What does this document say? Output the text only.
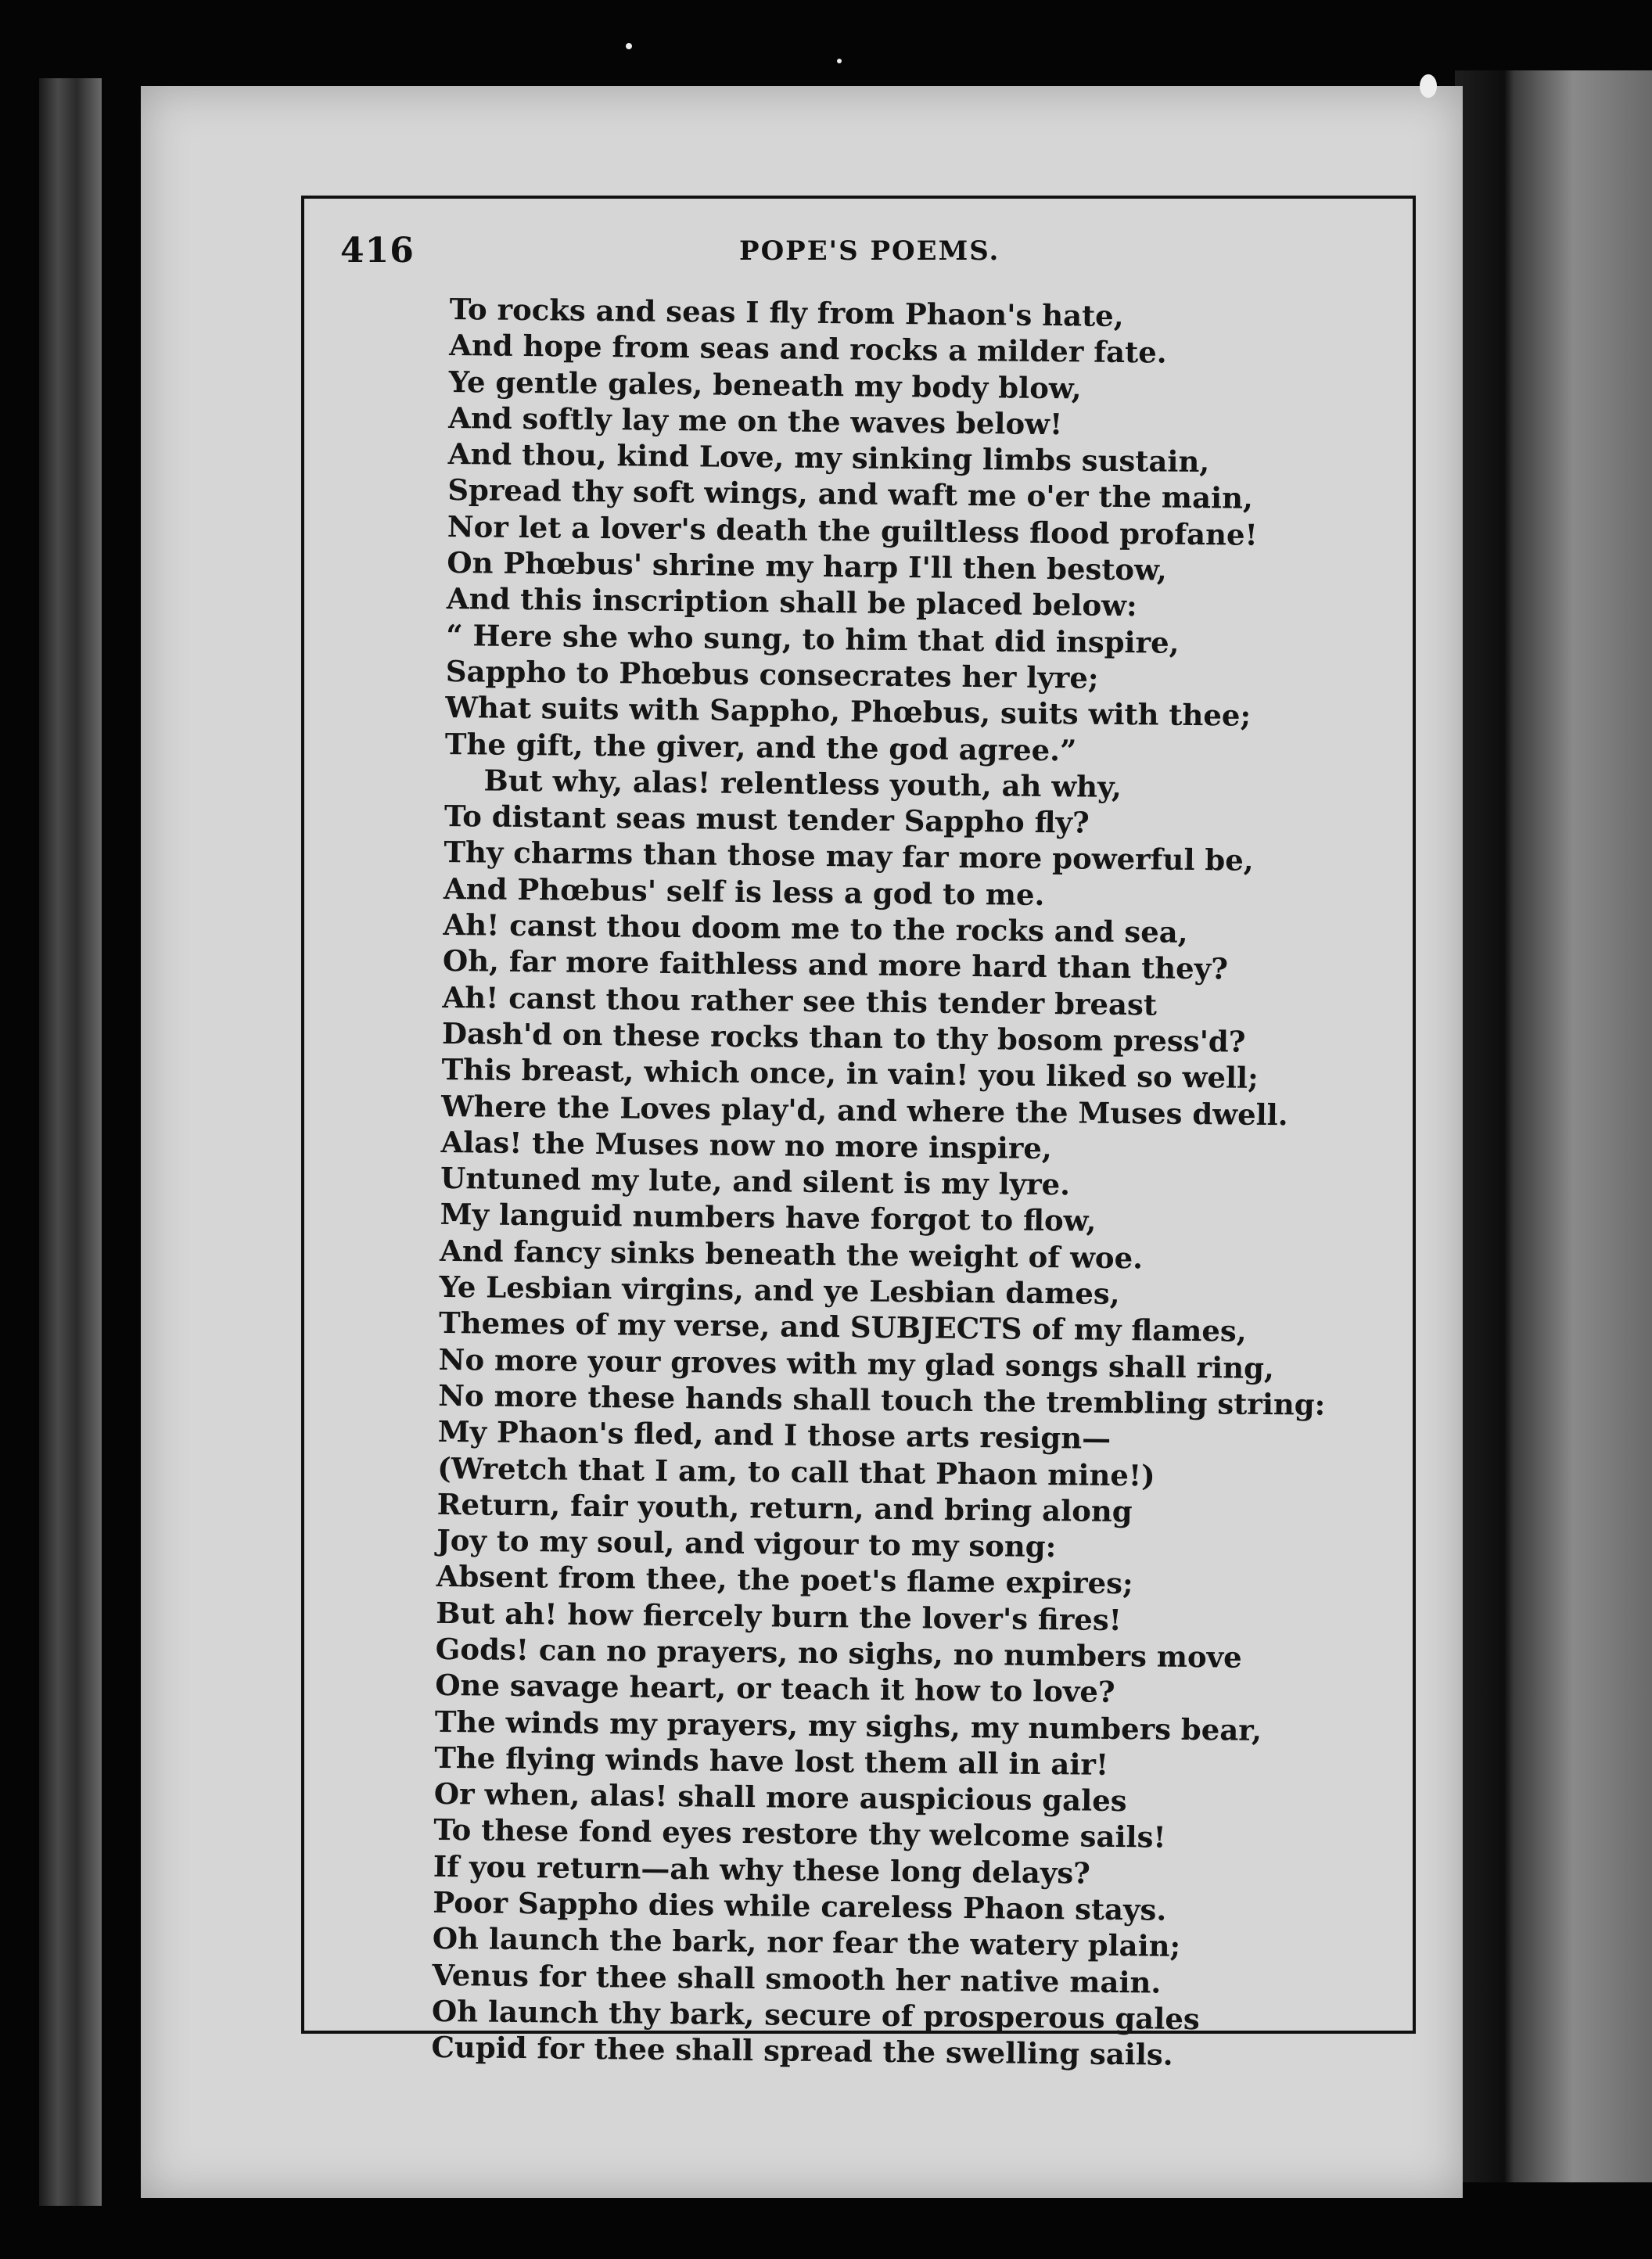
416	POPE'S POEMS.
To rocks and seas I fly from Phaon's hate,
And hope from seas and rocks a milder fate.
Ye gentle gales, beneath my body blow,
And softly lay me on the waves below!
And thou, kind Love, my sinking limbs sustain,
Spread thy soft wings, and waft me o'er the main,
Nor let a lover's death the guiltless flood profane!
On Phœbus' shrine my harp I'll then bestow,
And this inscription shall be placed below:
“ Here she who sung, to him that did inspire,
Sappho to Phœbus consecrates her lyre;
What suits with Sappho, Phœbus, suits with thee;
The gift, the giver, and the god agree.”
But why, alas! relentless youth, ah why,
To distant seas must tender Sappho fly?
Thy charms than those may far more powerful be,
And Phœbus' self is less a god to me.
Ah! canst thou doom me to the rocks and sea,
Oh, far more faithless and more hard than they?
Ah! canst thou rather see this tender breast
Dash'd on these rocks than to thy bosom press'd?
This breast, which once, in vain! you liked so well;
Where the Loves play'd, and where the Muses dwell.
Alas! the Muses now no more inspire,
Untuned my lute, and silent is my lyre.
My languid numbers have forgot to flow,
And fancy sinks beneath the weight of woe.
Ye Lesbian virgins, and ye Lesbian dames,
Themes of my verse, and SUBJECTS of my flames,
No more your groves with my glad songs shall ring,
No more these hands shall touch the trembling string:
My Phaon's fled, and I those arts resign—
(Wretch that I am, to call that Phaon mine!)
Return, fair youth, return, and bring along
Joy to my soul, and vigour to my song:
Absent from thee, the poet's flame expires;
But ah! how fiercely burn the lover's fires!
Gods! can no prayers, no sighs, no numbers move
One savage heart, or teach it how to love?
The winds my prayers, my sighs, my numbers bear,
The flying winds have lost them all in air!
Or when, alas! shall more auspicious gales
To these fond eyes restore thy welcome sails!
If you return—ah why these long delays?
Poor Sappho dies while careless Phaon stays.
Oh launch the bark, nor fear the watery plain;
Venus for thee shall smooth her native main.
Oh launch thy bark, secure of prosperous gales
Cupid for thee shall spread the swelling sails.
